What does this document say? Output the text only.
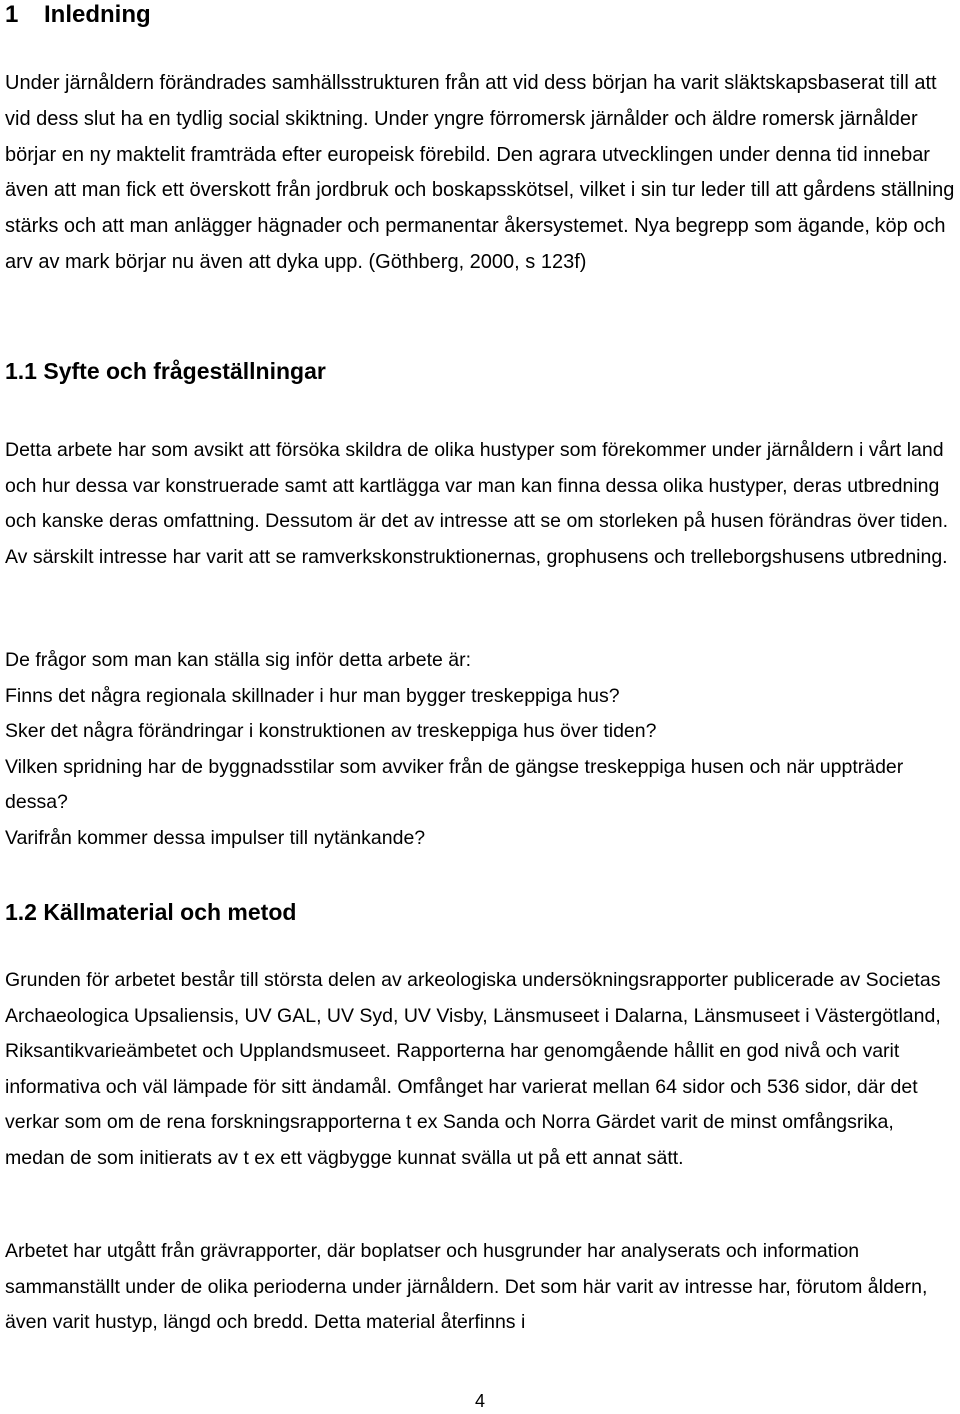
1 Inledning

Under järnåldern förändrades samhällsstrukturen från att vid dess början ha varit släktskapsbaserat till att vid dess slut ha en tydlig social skiktning. Under yngre förromersk järnålder och äldre romersk järnålder börjar en ny maktelit framträda efter europeisk förebild. Den agrara utvecklingen under denna tid innebar även att man fick ett överskott från jordbruk och boskapsskötsel, vilket i sin tur leder till att gårdens ställning stärks och att man anlägger hägnader och permanentar åkersystemet. Nya begrepp som ägande, köp och arv av mark börjar nu även att dyka upp. (Göthberg, 2000, s 123f)

1.1 Syfte och frågeställningar

Detta arbete har som avsikt att försöka skildra de olika hustyper som förekommer under järnåldern i vårt land och hur dessa var konstruerade samt att kartlägga var man kan finna dessa olika hustyper, deras utbredning och kanske deras omfattning. Dessutom är det av intresse att se om storleken på husen förändras över tiden. Av särskilt intresse har varit att se ramverkskonstruktionernas, grophusens och trelleborgshusens utbredning.

De frågor som man kan ställa sig inför detta arbete är:

Finns det några regionala skillnader i hur man bygger treskeppiga hus?

Sker det några förändringar i konstruktionen av treskeppiga hus över tiden?

Vilken spridning har de byggnadsstilar som avviker från de gängse treskeppiga husen och när uppträder dessa?

Varifrån kommer dessa impulser till nytänkande?

1.2 Källmaterial och metod

Grunden för arbetet består till största delen av arkeologiska undersökningsrapporter publicerade av Societas Archaeologica Upsaliensis, UV GAL, UV Syd, UV Visby, Länsmuseet i Dalarna, Länsmuseet i Västergötland, Riksantikvarieämbetet och Upplandsmuseet. Rapporterna har genomgående hållit en god nivå och varit informativa och väl lämpade för sitt ändamål. Omfånget har varierat mellan 64 sidor och 536 sidor, där det verkar som om de rena forskningsrapporterna t ex Sanda och Norra Gärdet varit de minst omfångsrika, medan de som initierats av t ex ett vägbygge kunnat svälla ut på ett annat sätt.

Arbetet har utgått från grävrapporter, där boplatser och husgrunder har analyserats och information sammanställt under de olika perioderna under järnåldern. Det som här varit av intresse har, förutom åldern, även varit hustyp, längd och bredd. Detta material återfinns i

4
